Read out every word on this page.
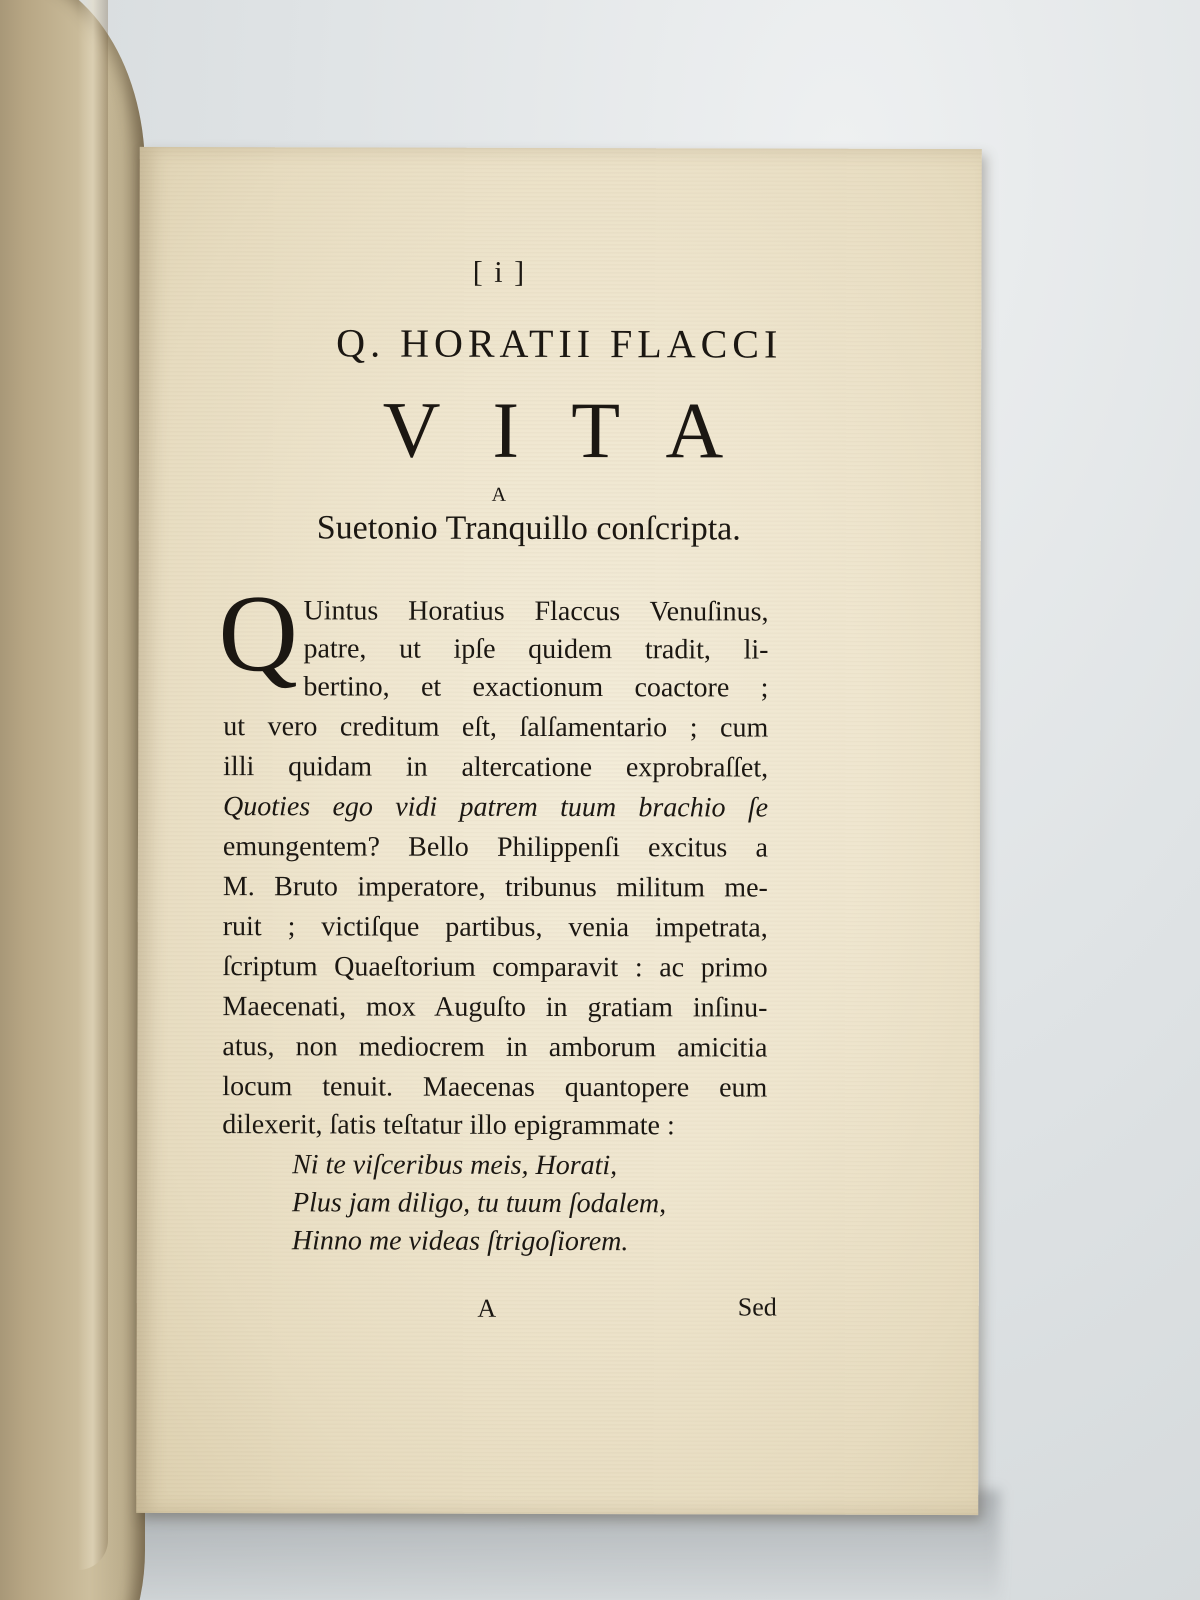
[ i ]
Q. HORATII FLACCI
VITA
A
Suetonio Tranquillo conſcripta.
Q Uintus Horatius Flaccus Venuſinus,
patre, ut ipſe quidem tradit, li-
bertino, et exactionum coactore ;
ut vero creditum eſt, ſalſamentario ; cum
illi quidam in altercatione exprobraſſet,
Quoties ego vidi patrem tuum brachio ſe
emungentem? Bello Philippenſi excitus a
M. Bruto imperatore, tribunus militum me-
ruit ; victiſque partibus, venia impetrata,
ſcriptum Quaeſtorium comparavit : ac primo
Maecenati, mox Auguſto in gratiam inſinu-
atus, non mediocrem in amborum amicitia
locum tenuit. Maecenas quantopere eum
dilexerit, ſatis teſtatur illo epigrammate :
Ni te viſceribus meis, Horati,
Plus jam diligo, tu tuum ſodalem,
Hinno me videas ſtrigoſiorem.
A	Sed
